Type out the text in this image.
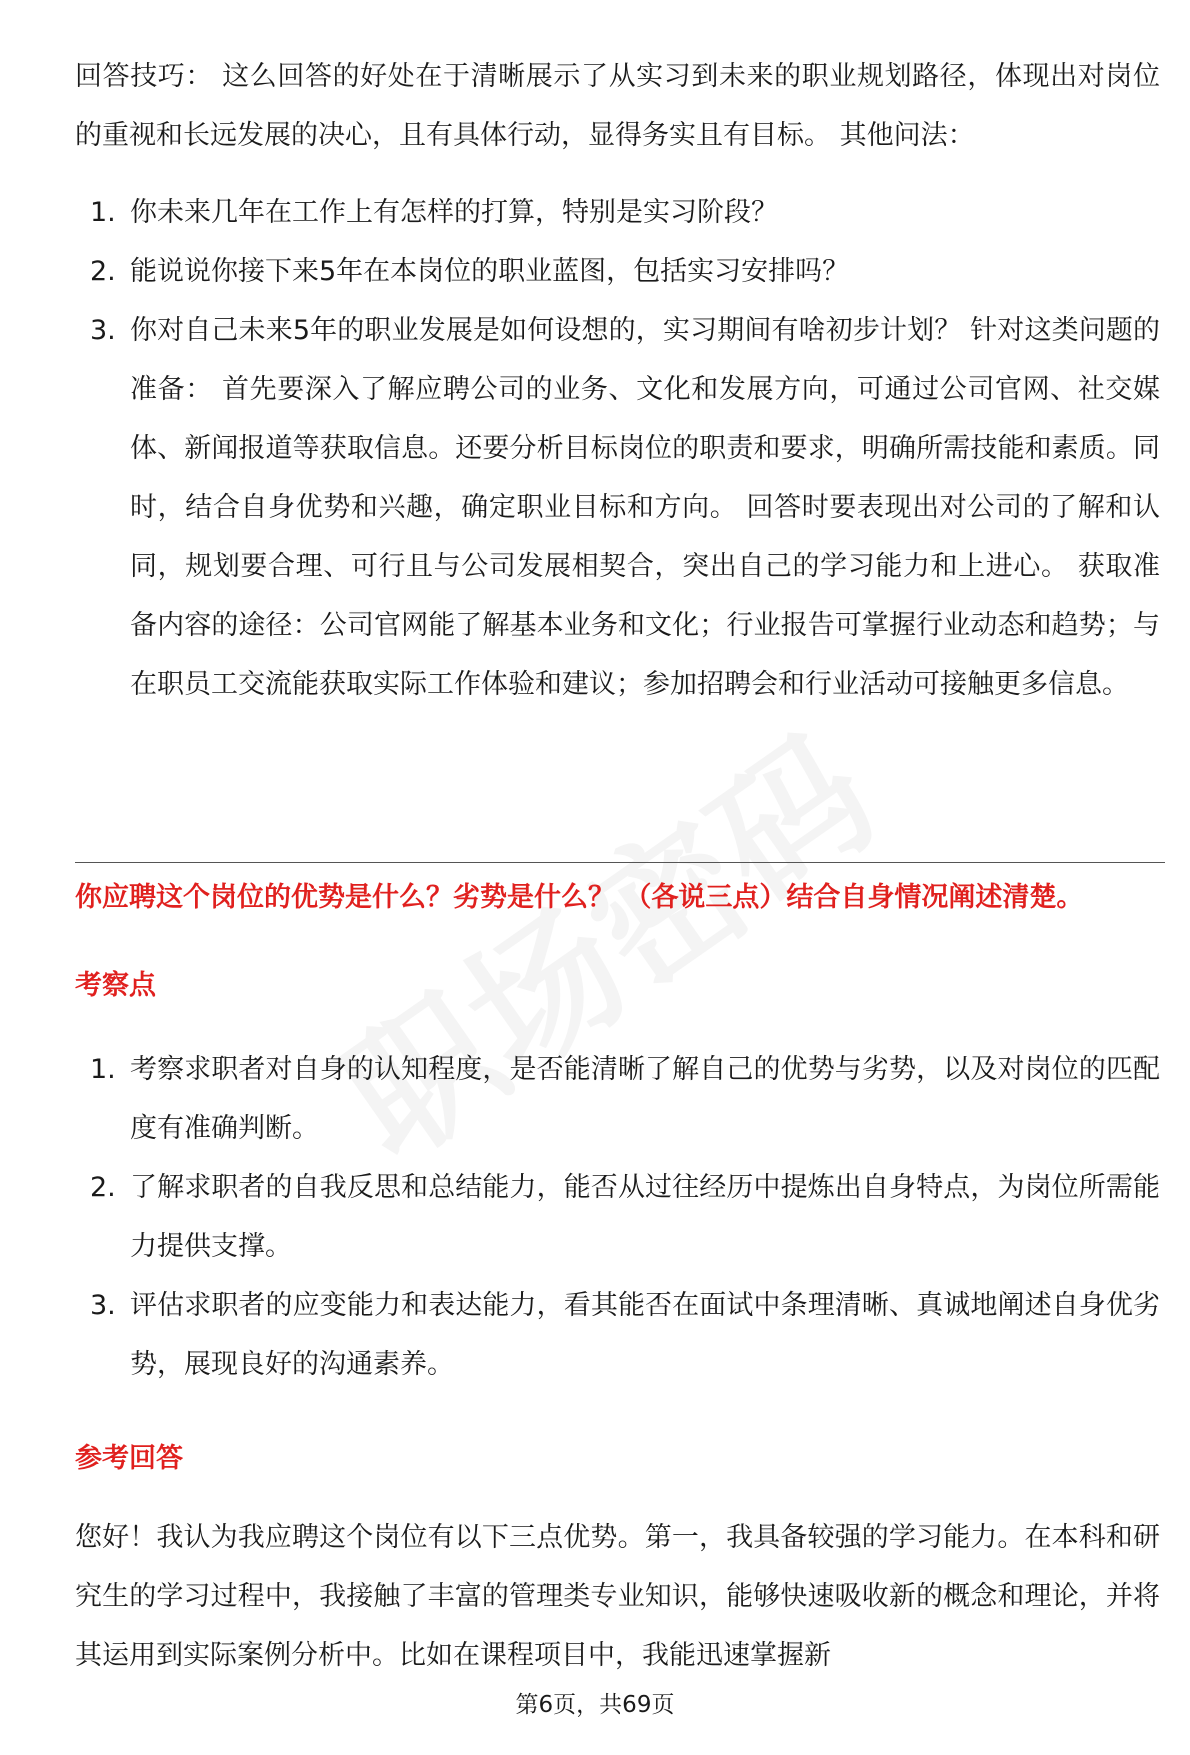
回答技巧： 这么回答的好处在于清晰展示了从实习到未来的职业规划路径，体现出对岗位的重视和长远发展的决心，且有具体行动，显得务实且有目标。 其他问法：

1. 你未来几年在工作上有怎样的打算，特别是实习阶段？
2. 能说说你接下来5年在本岗位的职业蓝图，包括实习安排吗？
3. 你对自己未来5年的职业发展是如何设想的，实习期间有啥初步计划？ 针对这类问题的准备： 首先要深入了解应聘公司的业务、文化和发展方向，可通过公司官网、社交媒体、新闻报道等获取信息。还要分析目标岗位的职责和要求，明确所需技能和素质。同时，结合自身优势和兴趣，确定职业目标和方向。 回答时要表现出对公司的了解和认同，规划要合理、可行且与公司发展相契合，突出自己的学习能力和上进心。 获取准备内容的途径：公司官网能了解基本业务和文化；行业报告可掌握行业动态和趋势；与在职员工交流能获取实际工作体验和建议；参加招聘会和行业活动可接触更多信息。

你应聘这个岗位的优势是什么？劣势是什么？ （各说三点）结合自身情况阐述清楚。

考察点

1. 考察求职者对自身的认知程度，是否能清晰了解自己的优势与劣势，以及对岗位的匹配度有准确判断。
2. 了解求职者的自我反思和总结能力，能否从过往经历中提炼出自身特点，为岗位所需能力提供支撑。
3. 评估求职者的应变能力和表达能力，看其能否在面试中条理清晰、真诚地阐述自身优劣势，展现良好的沟通素养。

参考回答

您好！我认为我应聘这个岗位有以下三点优势。第一，我具备较强的学习能力。在本科和研究生的学习过程中，我接触了丰富的管理类专业知识，能够快速吸收新的概念和理论，并将其运用到实际案例分析中。比如在课程项目中，我能迅速掌握新

第6页，共69页
